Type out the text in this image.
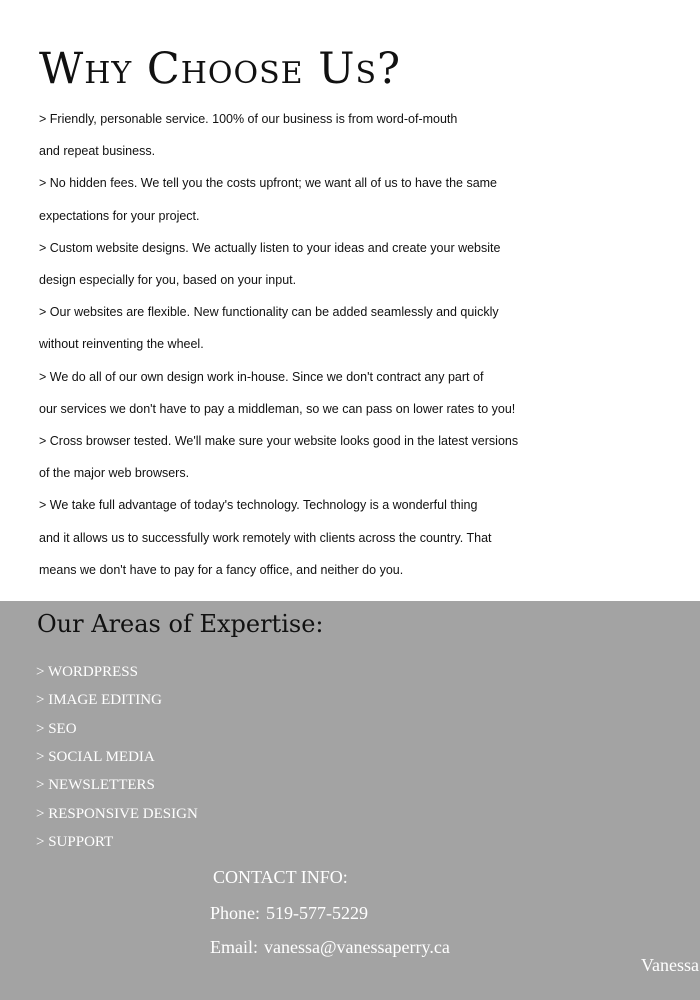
Why Choose Us?

> Friendly, personable service. 100% of our business is from word-of-mouth

and repeat business.

> No hidden fees. We tell you the costs upfront; we want all of us to have the same

expectations for your project.

> Custom website designs. We actually listen to your ideas and create your website

design especially for you, based on your input.

> Our websites are flexible. New functionality can be added seamlessly and quickly

without reinventing the wheel.

> We do all of our own design work in-house. Since we don't contract any part of

our services we don't have to pay a middleman, so we can pass on lower rates to you!

> Cross browser tested. We'll make sure your website looks good in the latest versions

of the major web browsers.

> We take full advantage of today's technology. Technology is a wonderful thing

and it allows us to successfully work remotely with clients across the country. That

means we don't have to pay for a fancy office, and neither do you.

Our Areas of Expertise:

> WORDPRESS

> IMAGE EDITING

> SEO

> SOCIAL MEDIA

> NEWSLETTERS

> RESPONSIVE DESIGN

> SUPPORT

CONTACT INFO:

Phone: 519-577-5229

Email: vanessa@vanessaperry.ca

Vanessa
